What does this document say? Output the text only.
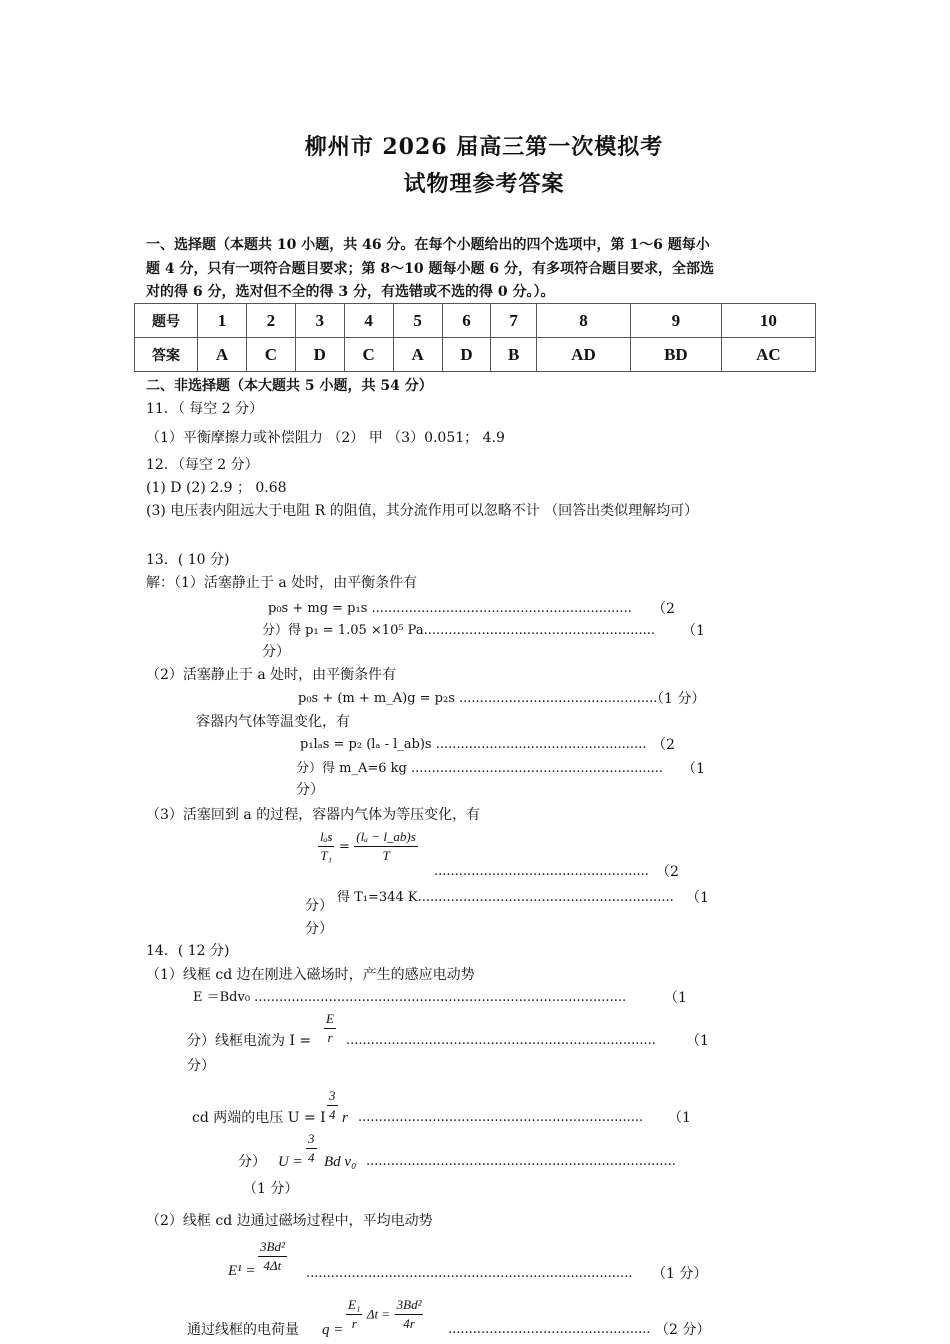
柳州市 2026 届高三第一次模拟考
试物理参考答案
一、选择题（本题共 10 小题，共 46 分。在每个小题给出的四个选项中，第 1～6 题每小
题 4 分，只有一项符合题目要求；第 8～10 题每小题 6 分，有多项符合题目要求，全部选
对的得 6 分，选对但不全的得 3 分，有选错或不选的得 0 分。）。
题号	1	2	3	4	5	6	7	8	9	10
答案	A	C	D	C	A	D	B	AD	BD	AC
二、非选择题（本大题共 5 小题，共 54 分）
11．（ 每空 2 分）
（1）平衡摩擦力或补偿阻力 （2） 甲 （3）0.051； 4.9
12．（每空 2 分）
(1) D (2) 2.9 ； 0.68
(3) 电压表内阻远大于电阻 R 的阻值，其分流作用可以忽略不计 （回答出类似理解均可）
13．( 10 分)
解：（1）活塞静止于 a 处时，由平衡条件有
p₀s + mg = p₁s ............................................................... （2
分）得 p₁ = 1.05 ×10⁵ Pa........................................................ （1
分）
（2）活塞静止于 a 处时，由平衡条件有
p₀s + (m + m_A)g = p₂s ................................................
（1 分）
容器内气体等温变化，有
p₁lₐs = p₂ (lₐ - l_ab)s ................................................... （2
分）得 m_A=6 kg ............................................................. （1
分）
（3）活塞回到 a 的过程，容器内气体为等压变化，有
$\frac{\text{lₐs}}{\text{T₁}} = \frac{\text{(lₐ − l\_ab)s}}{T}$
.................................................... （2
分）
得 T₁=344 K.............................................................. （1
分）
14．( 12 分)
（1）线框 cd 边在刚进入磁场时，产生的感应电动势
E ＝Bdv₀ ..........................................................................................	（1
分）线框电流为 $I = \frac{E}{r}$ ........................................................................... （1
分）
cd 两端的电压 U = I $\frac{3}{4}$ r ..................................................................... （1
分） $U = \frac{3}{4}$ Bd v₀ ...........................................................................
（1 分）
（2）线框 cd 边通过磁场过程中，平均电动势
$E^1 = \frac{\text{3Bd²}}{4\Delta t}$ ............................................................................... （1 分）
通过线框的电荷量 $q = \frac{\text{E₁}}{r}$ $\Delta t = \frac{\text{3Bd²}}{4r}$ ................................................. （2 分）
